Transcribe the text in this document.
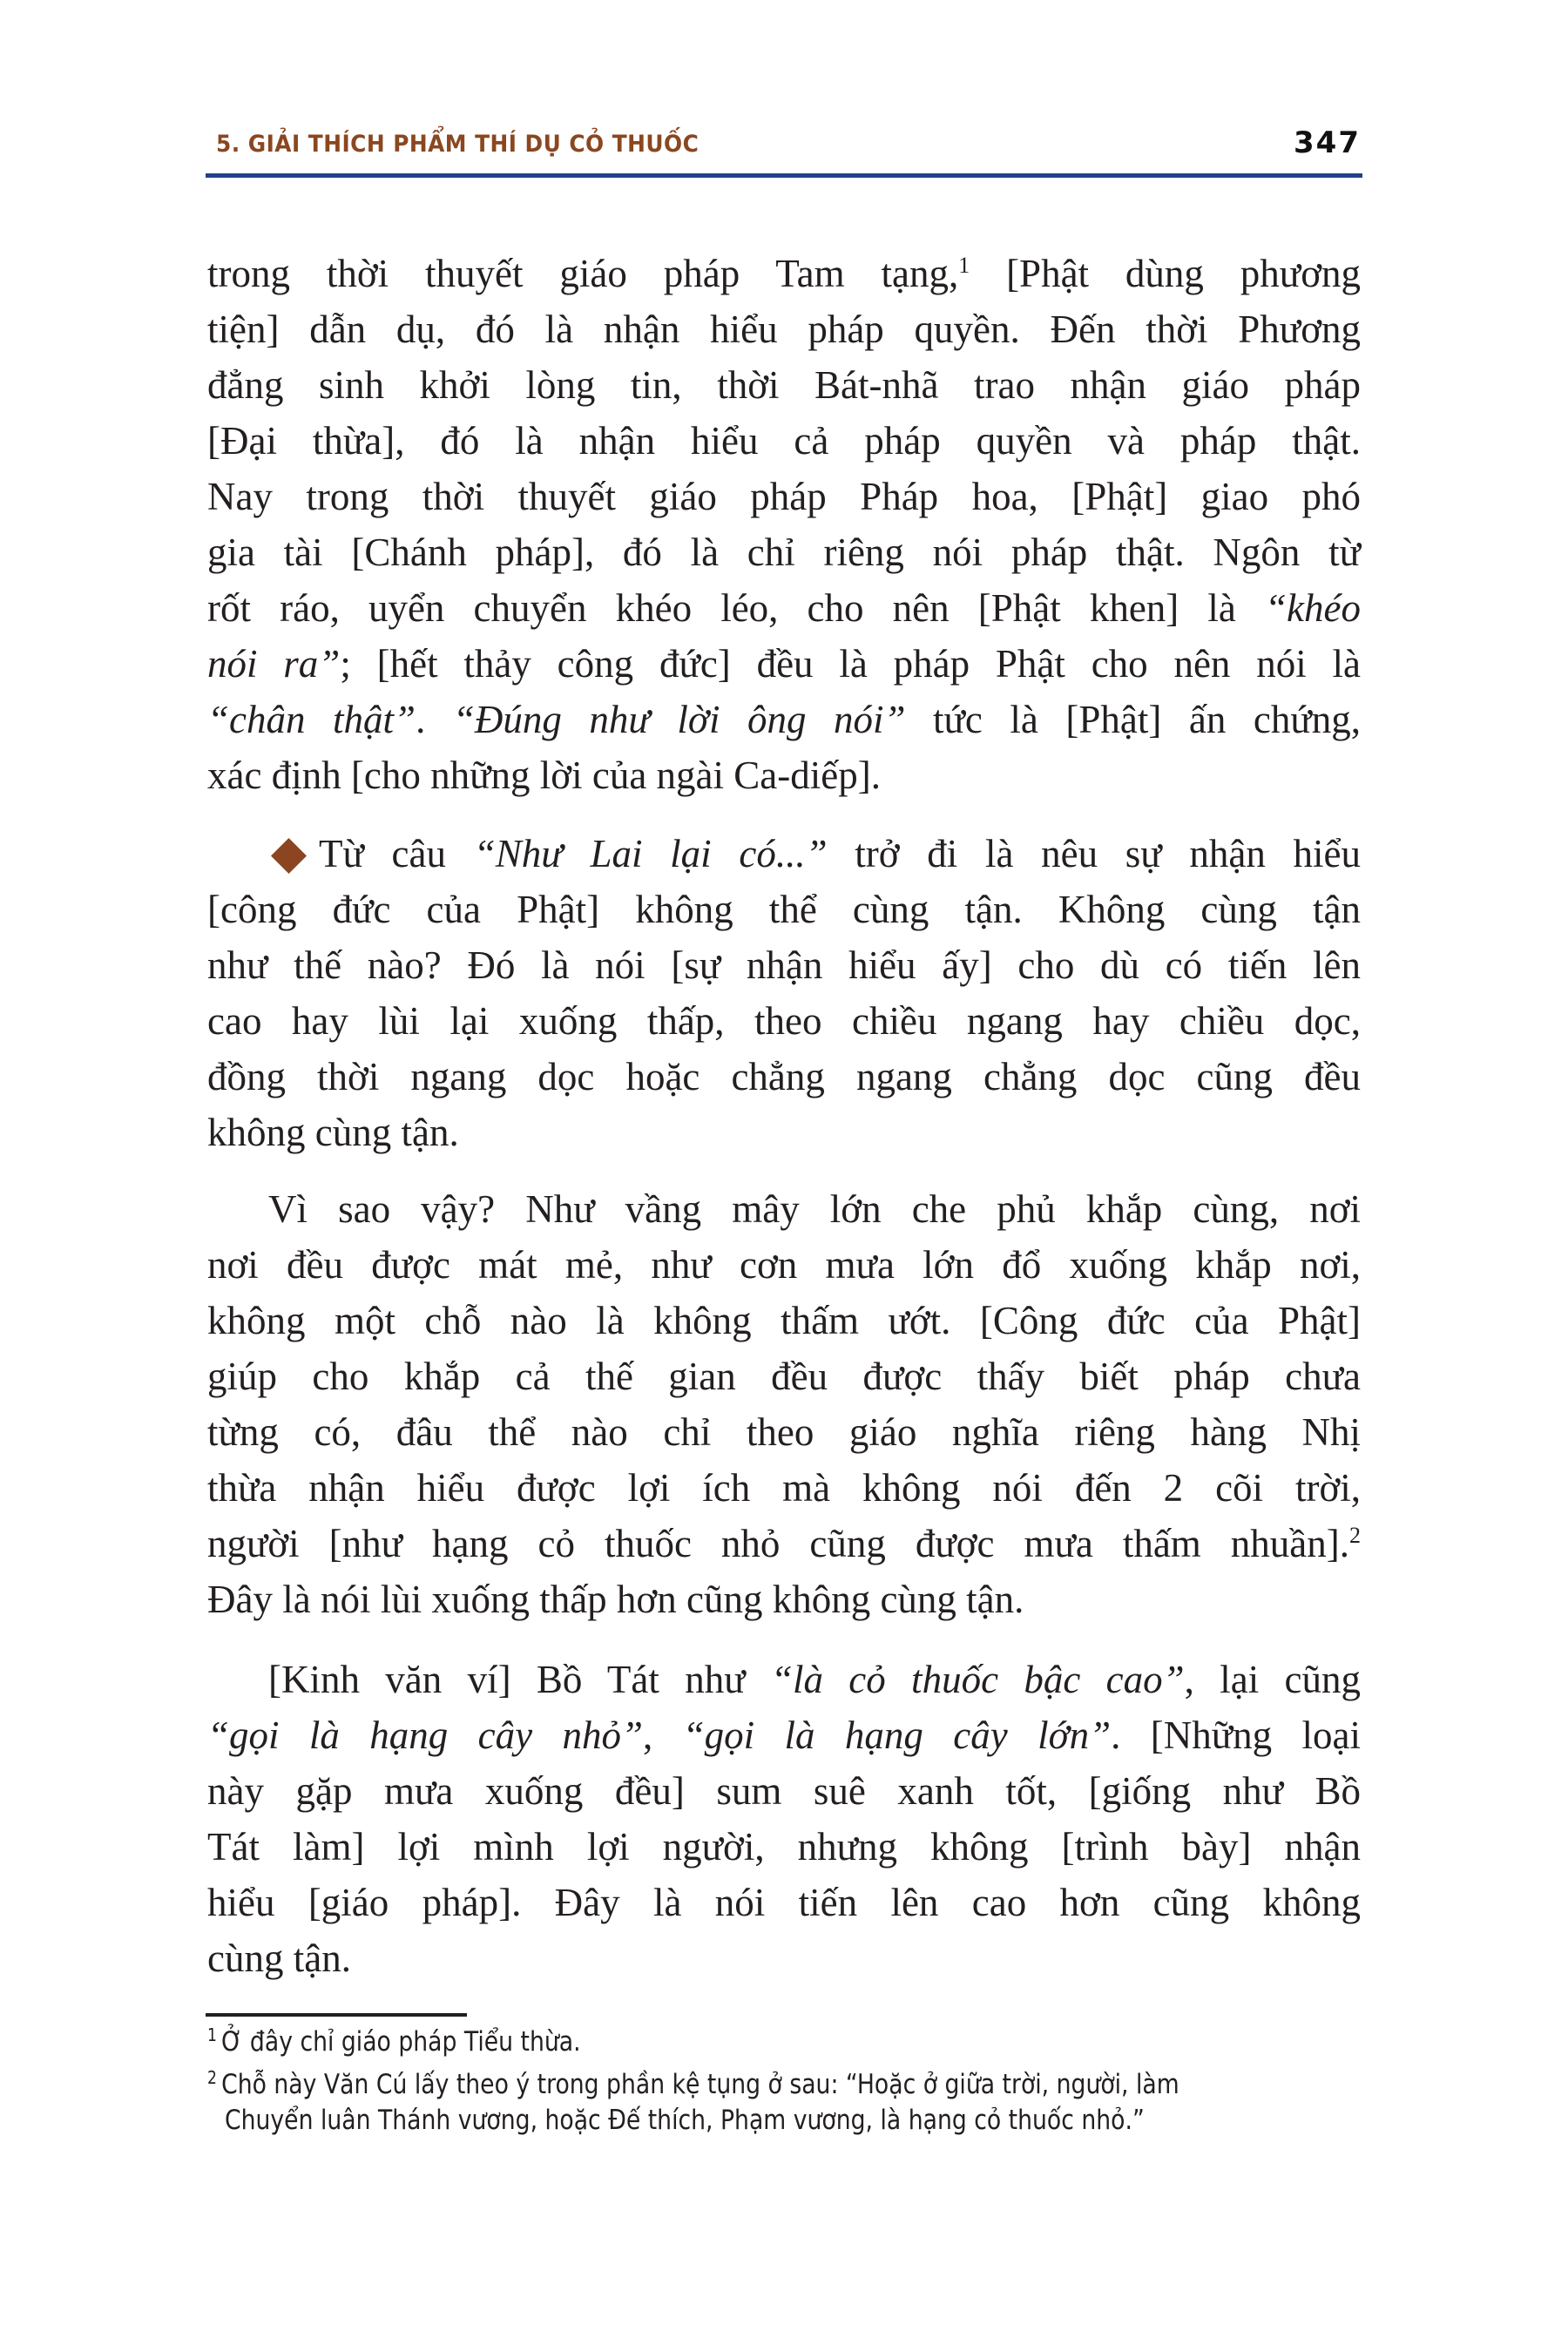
5. GIẢI THÍCH PHẨM THÍ DỤ CỎ THUỐC	347
trong thời thuyết giáo pháp Tam tạng,$^1$ [Phật dùng phương
tiện] dẫn dụ, đó là nhận hiểu pháp quyền. Đến thời Phương
đẳng sinh khởi lòng tin, thời Bát-nhã trao nhận giáo pháp
[Đại thừa], đó là nhận hiểu cả pháp quyền và pháp thật.
Nay trong thời thuyết giáo pháp Pháp hoa, [Phật] giao phó
gia tài [Chánh pháp], đó là chỉ riêng nói pháp thật. Ngôn từ
rốt ráo, uyển chuyển khéo léo, cho nên [Phật khen] là “khéo
nói ra”; [hết thảy công đức] đều là pháp Phật cho nên nói là
“chân thật”. “Đúng như lời ông nói” tức là [Phật] ấn chứng,
xác định [cho những lời của ngài Ca-diếp].
Từ câu “Như Lai lại có...” trở đi là nêu sự nhận hiểu
[công đức của Phật] không thể cùng tận. Không cùng tận
như thế nào? Đó là nói [sự nhận hiểu ấy] cho dù có tiến lên
cao hay lùi lại xuống thấp, theo chiều ngang hay chiều dọc,
đồng thời ngang dọc hoặc chẳng ngang chẳng dọc cũng đều
không cùng tận.
Vì sao vậy? Như vầng mây lớn che phủ khắp cùng, nơi
nơi đều được mát mẻ, như cơn mưa lớn đổ xuống khắp nơi,
không một chỗ nào là không thấm ướt. [Công đức của Phật]
giúp cho khắp cả thế gian đều được thấy biết pháp chưa
từng có, đâu thể nào chỉ theo giáo nghĩa riêng hàng Nhị
thừa nhận hiểu được lợi ích mà không nói đến 2 cõi trời,
người [như hạng cỏ thuốc nhỏ cũng được mưa thấm nhuần].$^2$
Đây là nói lùi xuống thấp hơn cũng không cùng tận.
[Kinh văn ví] Bồ Tát như “là cỏ thuốc bậc cao”, lại cũng
“gọi là hạng cây nhỏ”, “gọi là hạng cây lớn”. [Những loại
này gặp mưa xuống đều] sum suê xanh tốt, [giống như Bồ
Tát làm] lợi mình lợi người, nhưng không [trình bày] nhận
hiểu [giáo pháp]. Đây là nói tiến lên cao hơn cũng không
cùng tận.
$^1$ Ở đây chỉ giáo pháp Tiểu thừa.
$^2$ Chỗ này Văn Cú lấy theo ý trong phần kệ tụng ở sau: “Hoặc ở giữa trời, người, làm
Chuyển luân Thánh vương, hoặc Đế thích, Phạm vương, là hạng cỏ thuốc nhỏ.”
